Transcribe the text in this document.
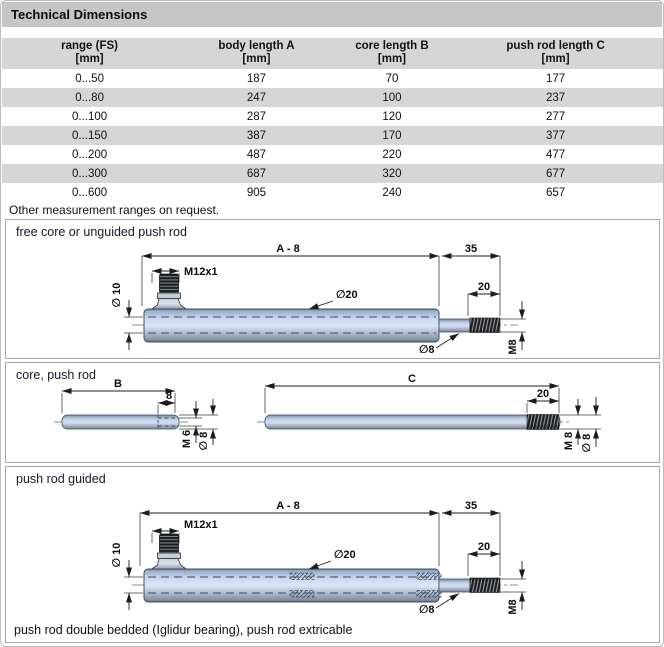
Technical Dimensions
range (FS)
[mm]

body length A
[mm]

core length B
[mm]

push rod length C
[mm]

0...50	187	70	177
0...80	247	100	237
0...100	287	120	277
0...150	387	170	377
0...200	487	220	477
0...300	687	320	677
0...600	905	240	657
Other measurement ranges on request.
A - 8	35
M12x1
∅ 10	∅20
20
∅8	M8
free core or unguided push rod
B
8
M 6 ∅ 8
C
20
M 8 ∅ 8
core, push rod
A - 8	35
M12x1
∅ 10	∅20
20
∅8	M8
push rod guided
push rod double bedded (Iglidur bearing), push rod extricable
